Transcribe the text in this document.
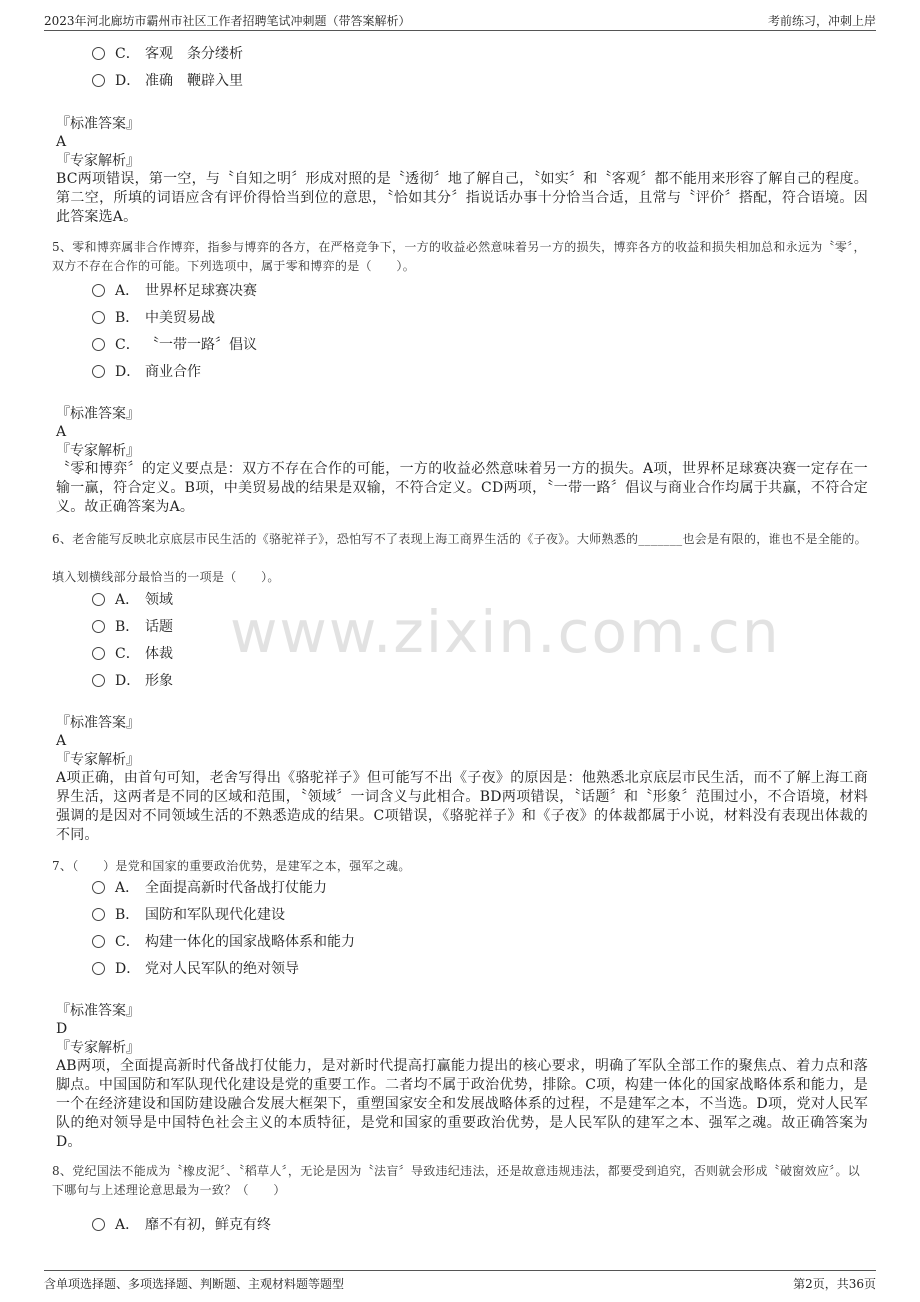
2023年河北廊坊市霸州市社区工作者招聘笔试冲刺题（带答案解析）	考前练习，冲刺上岸
www.zixin.com.cn
C． 客观　条分缕析
D． 准确　鞭辟入里
『标准答案』
A
『专家解析』
BC两项错误，第一空，与〝自知之明〞形成对照的是〝透彻〞地了解自己，〝如实〞和〝客观〞都不能用来形容了解自己的程度。第二空，所填的词语应含有评价得恰当到位的意思，〝恰如其分〞指说话办事十分恰当合适，且常与〝评价〞搭配，符合语境。因此答案选A。
5、零和博弈属非合作博弈，指参与博弈的各方，在严格竞争下，一方的收益必然意味着另一方的损失，博弈各方的收益和损失相加总和永远为〝零〞，双方不存在合作的可能。下列选项中，属于零和博弈的是（　　）。
A． 世界杯足球赛决赛
B． 中美贸易战
C． 〝一带一路〞倡议
D． 商业合作
『标准答案』
A
『专家解析』
〝零和博弈〞的定义要点是：双方不存在合作的可能，一方的收益必然意味着另一方的损失。A项，世界杯足球赛决赛一定存在一输一赢，符合定义。B项，中美贸易战的结果是双输，不符合定义。CD两项，〝一带一路〞倡议与商业合作均属于共赢，不符合定义。故正确答案为A。
6、老舍能写反映北京底层市民生活的《骆驼祥子》，恐怕写不了表现上海工商界生活的《子夜》。大师熟悉的_______也会是有限的，谁也不是全能的。
填入划横线部分最恰当的一项是（　　）。
A． 领域
B． 话题
C． 体裁
D． 形象
『标准答案』
A
『专家解析』
A项正确，由首句可知，老舍写得出《骆驼祥子》但可能写不出《子夜》的原因是：他熟悉北京底层市民生活，而不了解上海工商界生活，这两者是不同的区域和范围，〝领域〞一词含义与此相合。BD两项错误，〝话题〞和〝形象〞范围过小，不合语境，材料强调的是因对不同领域生活的不熟悉造成的结果。C项错误，《骆驼祥子》和《子夜》的体裁都属于小说，材料没有表现出体裁的不同。
7、（　　）是党和国家的重要政治优势，是建军之本，强军之魂。
A． 全面提高新时代备战打仗能力
B． 国防和军队现代化建设
C． 构建一体化的国家战略体系和能力
D． 党对人民军队的绝对领导
『标准答案』
D
『专家解析』
AB两项，全面提高新时代备战打仗能力，是对新时代提高打赢能力提出的核心要求，明确了军队全部工作的聚焦点、着力点和落脚点。中国国防和军队现代化建设是党的重要工作。二者均不属于政治优势，排除。C项，构建一体化的国家战略体系和能力，是一个在经济建设和国防建设融合发展大框架下，重塑国家安全和发展战略体系的过程，不是建军之本，不当选。D项，党对人民军队的绝对领导是中国特色社会主义的本质特征，是党和国家的重要政治优势，是人民军队的建军之本、强军之魂。故正确答案为D。
8、党纪国法不能成为〝橡皮泥〞、〝稻草人〞，无论是因为〝法盲〞导致违纪违法，还是故意违规违法，都要受到追究，否则就会形成〝破窗效应〞。以下哪句与上述理论意思最为一致？（　　）
A． 靡不有初，鲜克有终
含单项选择题、多项选择题、判断题、主观材料题等题型	第2页，共36页
